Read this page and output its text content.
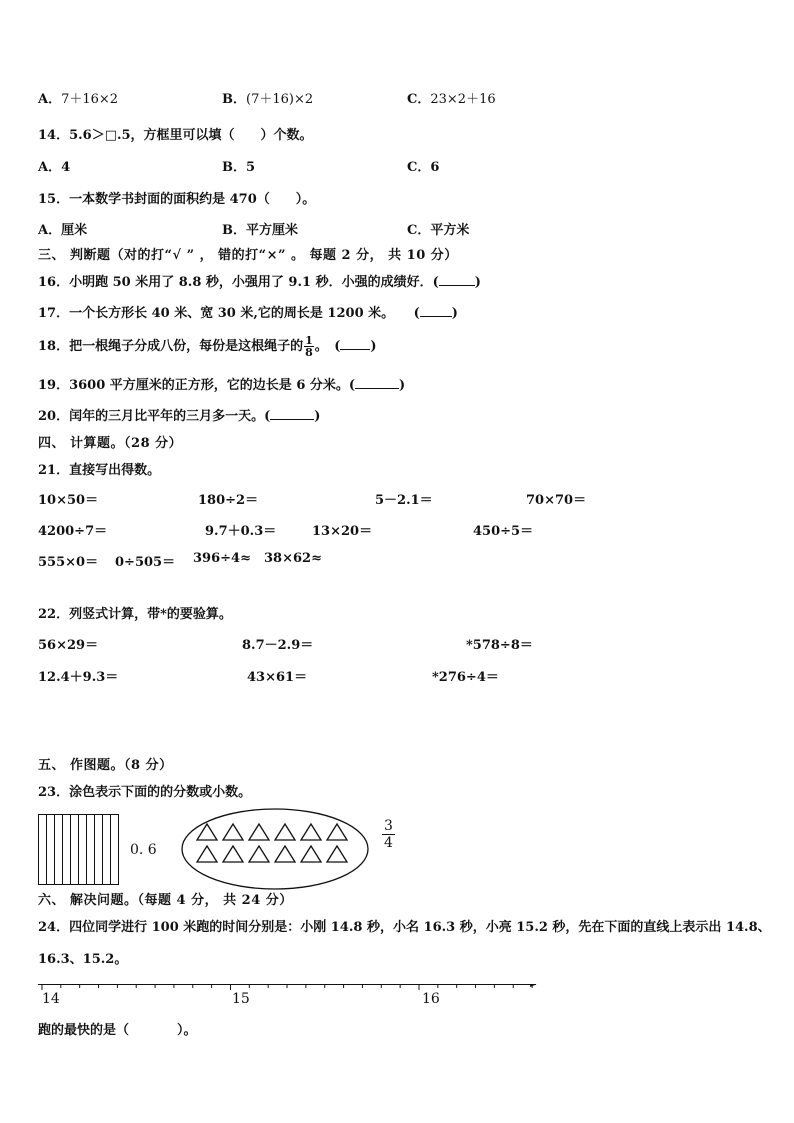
A．7＋16×2	B．(7＋16)×2	C．23×2＋16
14．5.6＞□.5，方框里可以填（　　）个数。
A．4	B．5	C．6
15．一本数学书封面的面积约是 470（　　）。
A．厘米	B．平方厘米	C．平方米
三、 判断题（对的打“√ ” ， 错的打“×” 。 每题 2 分， 共 10 分）
16．小明跑 50 米用了 8.8 秒，小强用了 9.1 秒．小强的成绩好．(	)
17．一个长方形长 40 米、宽 30 米,它的周长是 1200 米。　　( )
18．把一根绳子分成八份，每份是这根绳子的 $\frac{1}{8}$ 。　( )
19．3600 平方厘米的正方形，它的边长是 6 分米。(	)
20．闰年的三月比平年的三月多一天。(	)
四、 计算题。（28 分）
21．直接写出得数。
10×50＝	180÷2＝	5－2.1＝	70×70＝
4200÷7＝	9.7＋0.3＝	13×20＝	450÷5＝
555×0＝ 0÷505＝ 396÷4≈ 38×62≈
22．列竖式计算，带*的要验算。
56×29＝	8.7－2.9＝	*578÷8＝
12.4＋9.3＝	43×61＝	*276÷4＝
五、 作图题。（8 分）
23．涂色表示下面的的分数或小数。
0. 6
3
4
六、 解决问题。（每题 4 分， 共 24 分）
24．四位同学进行 100 米跑的时间分别是：小刚 14.8 秒，小名 16.3 秒，小亮 15.2 秒，先在下面的直线上表示出 14.8、
16.3、15.2。
14	15	16
跑的最快的是（	）。
